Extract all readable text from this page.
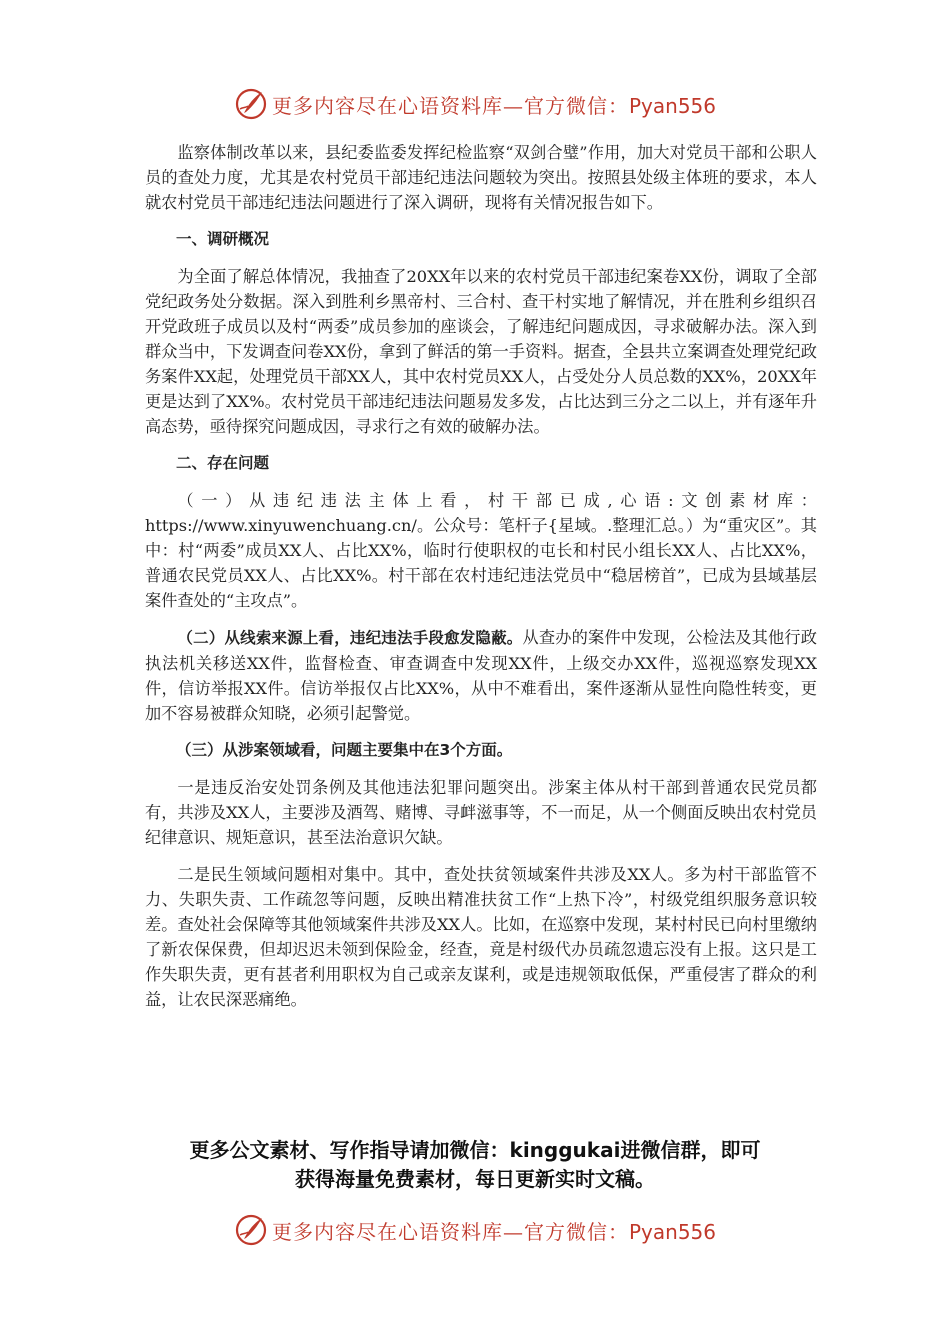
更多内容尽在心语资料库—官方微信：Pyan556

监察体制改革以来，县纪委监委发挥纪检监察“双剑合璧”作用，加大对党员干部和公职人员的查处力度，尤其是农村党员干部违纪违法问题较为突出。按照县处级主体班的要求，本人就农村党员干部违纪违法问题进行了深入调研，现将有关情况报告如下。

一、调研概况

为全面了解总体情况，我抽查了20XX年以来的农村党员干部违纪案卷XX份，调取了全部党纪政务处分数据。深入到胜利乡黑帝村、三合村、查干村实地了解情况，并在胜利乡组织召开党政班子成员以及村“两委”成员参加的座谈会，了解违纪问题成因，寻求破解办法。深入到群众当中，下发调查问卷XX份，拿到了鲜活的第一手资料。据查，全县共立案调查处理党纪政务案件XX起，处理党员干部XX人，其中农村党员XX人，占受处分人员总数的XX%，20XX年更是达到了XX%。农村党员干部违纪违法问题易发多发，占比达到三分之二以上，并有逐年升高态势，亟待探究问题成因，寻求行之有效的破解办法。

二、存在问题

（一）从违纪违法主体上看，村干部已成,心语:文创素材库：https://www.xinyuwenchuang.cn/。公众号：笔杆子{星域。.整理汇总。）为“重灾区”。其中：村“两委”成员XX人、占比XX%，临时行使职权的屯长和村民小组长XX人、占比XX%，普通农民党员XX人、占比XX%。村干部在农村违纪违法党员中“稳居榜首”，已成为县域基层案件查处的“主攻点”。

（二）从线索来源上看，违纪违法手段愈发隐蔽。从查办的案件中发现，公检法及其他行政执法机关移送XX件，监督检查、审查调查中发现XX件，上级交办XX件，巡视巡察发现XX件，信访举报XX件。信访举报仅占比XX%，从中不难看出，案件逐渐从显性向隐性转变，更加不容易被群众知晓，必须引起警觉。

（三）从涉案领域看，问题主要集中在3个方面。

一是违反治安处罚条例及其他违法犯罪问题突出。涉案主体从村干部到普通农民党员都有，共涉及XX人，主要涉及酒驾、赌博、寻衅滋事等，不一而足，从一个侧面反映出农村党员纪律意识、规矩意识，甚至法治意识欠缺。

二是民生领域问题相对集中。其中，查处扶贫领域案件共涉及XX人。多为村干部监管不力、失职失责、工作疏忽等问题，反映出精准扶贫工作“上热下冷”，村级党组织服务意识较差。查处社会保障等其他领域案件共涉及XX人。比如，在巡察中发现，某村村民已向村里缴纳了新农保保费，但却迟迟未领到保险金，经查，竟是村级代办员疏忽遗忘没有上报。这只是工作失职失责，更有甚者利用职权为自己或亲友谋利，或是违规领取低保，严重侵害了群众的利益，让农民深恶痛绝。

更多公文素材、写作指导请加微信：kinggukai进微信群，即可
获得海量免费素材，每日更新实时文稿。
更多内容尽在心语资料库—官方微信：Pyan556
